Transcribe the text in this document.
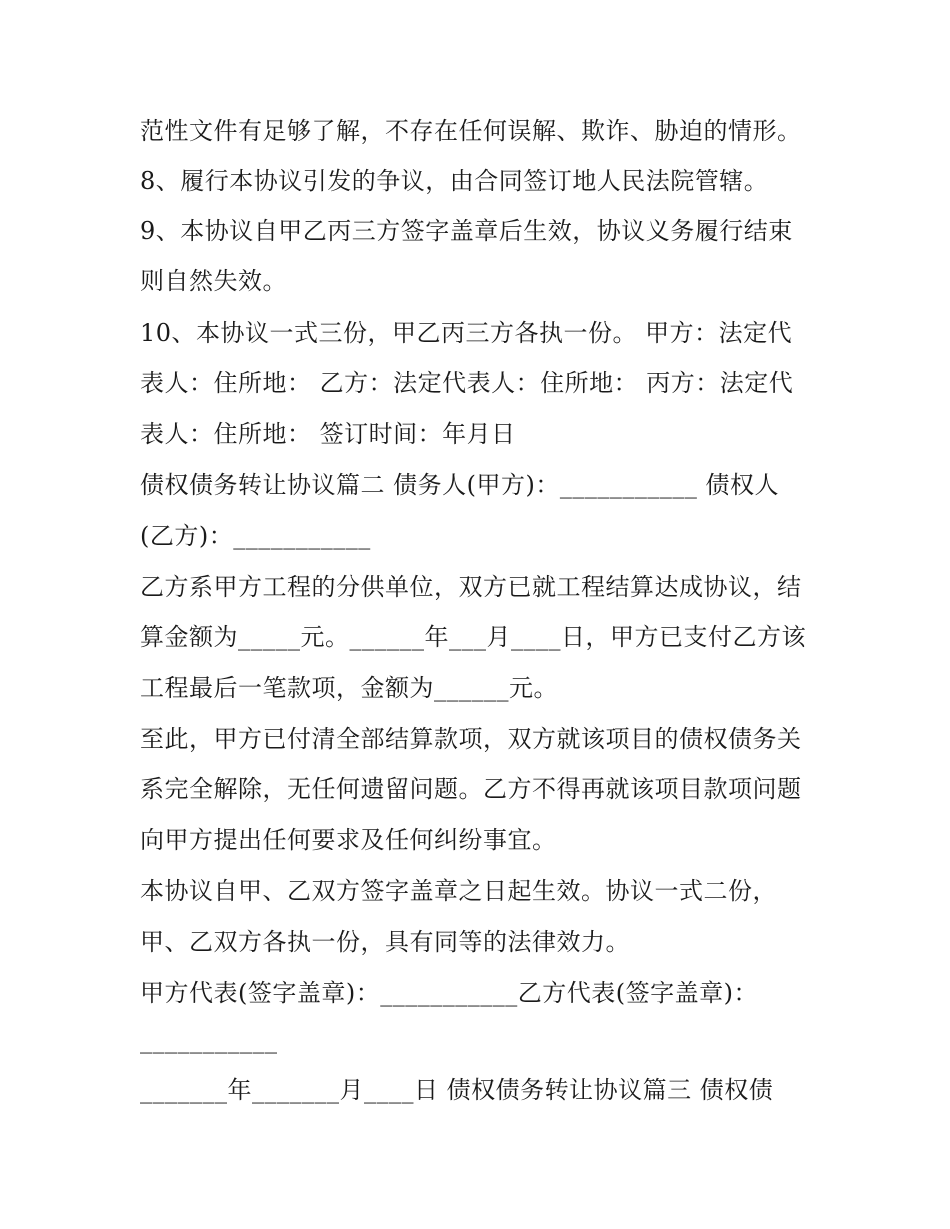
范性文件有足够了解，不存在任何误解、欺诈、胁迫的情形。
8、履行本协议引发的争议，由合同签订地人民法院管辖。
9、本协议自甲乙丙三方签字盖章后生效，协议义务履行结束
则自然失效。
10、本协议一式三份，甲乙丙三方各执一份。 甲方：法定代
表人：住所地： 乙方：法定代表人：住所地： 丙方：法定代
表人：住所地： 签订时间：年月日
债权债务转让协议篇二 债务人(甲方)：___________ 债权人
(乙方)：___________
乙方系甲方工程的分供单位，双方已就工程结算达成协议，结
算金额为_____元。______年___月____日，甲方已支付乙方该
工程最后一笔款项，金额为______元。
至此，甲方已付清全部结算款项，双方就该项目的债权债务关
系完全解除，无任何遗留问题。乙方不得再就该项目款项问题
向甲方提出任何要求及任何纠纷事宜。
本协议自甲、乙双方签字盖章之日起生效。协议一式二份，
甲、乙双方各执一份，具有同等的法律效力。
甲方代表(签字盖章)：___________乙方代表(签字盖章)：
___________
_______年_______月____日 债权债务转让协议篇三 债权债
